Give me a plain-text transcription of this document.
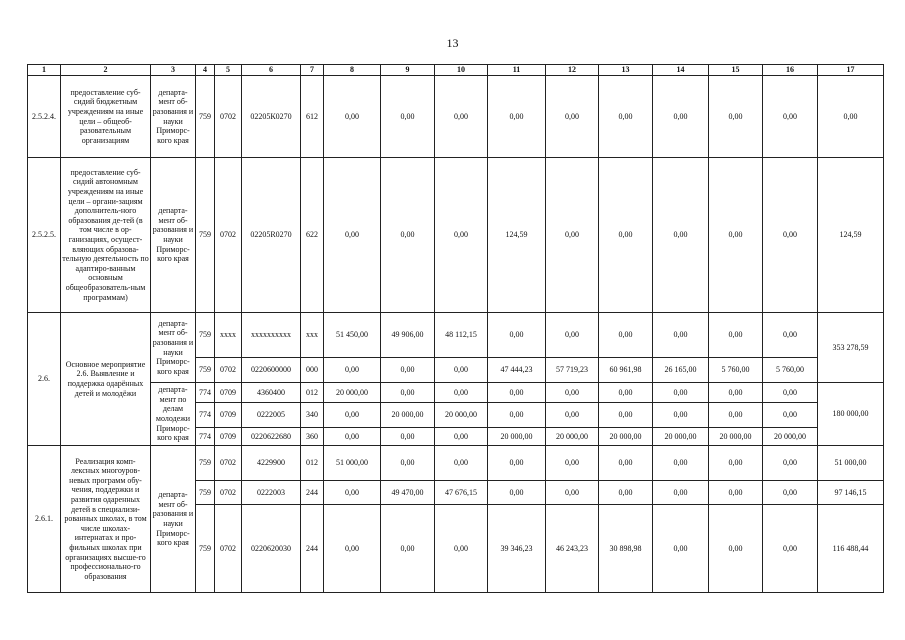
13
1	2	3	4	5	6	7	8	9	10	11	12	13	14	15	16	17
2.5.2.4.	предоставление суб-сидий бюджетным учреждениям на иные цели – общеоб-разовательным организациям	департа-мент об-разования и науки Приморс-кого края	759	0702	02205К0270	612	0,00	0,00	0,00	0,00	0,00	0,00	0,00	0,00	0,00	0,00
2.5.2.5.	предоставление суб-сидий автономным учреждениям на иные цели – органи-зациям дополнитель-ного образования де-тей (в том числе в ор-ганизациях, осущест-вляющих образова-тельную деятельность по адаптиро-ванным основным общеобразователь-ным программам)	департа-мент об-разования и науки Приморс-кого края	759	0702	02205R0270	622	0,00	0,00	0,00	124,59	0,00	0,00	0,00	0,00	0,00	124,59
2.6.	Основное мероприятие 2.6. Выявление и поддержка одарённых детей и молодёжи	департа-мент об-разования и науки Приморс-кого края	759	хххх	хххххххххх	ххх	51 450,00	49 906,00	48 112,15	0,00	0,00	0,00	0,00	0,00	0,00	353 278,59
			759	0702	0220600000	000	0,00	0,00	0,00	47 444,23	57 719,23	60 961,98	26 165,00	5 760,00	5 760,00	
		департа-мент по делам молодежи Приморс-кого края	774	0709	4360400	012	20 000,00	0,00	0,00	0,00	0,00	0,00	0,00	0,00	0,00	180 000,00
			774	0709	0222005	340	0,00	20 000,00	20 000,00	0,00	0,00	0,00	0,00	0,00	0,00	
			774	0709	0220622680	360	0,00	0,00	0,00	20 000,00	20 000,00	20 000,00	20 000,00	20 000,00	20 000,00	
2.6.1.	Реализация комп-лексных многоуров-невых программ обу-чения, поддержки и развития одаренных детей в специализи-рованных школах, в том числе школах-интернатах и про-фильных школах при организациях высше-го профессионально-го образования	департа-мент об-разования и науки Приморс-кого края	759	0702	4229900	012	51 000,00	0,00	0,00	0,00	0,00	0,00	0,00	0,00	0,00	51 000,00
			759	0702	0222003	244	0,00	49 470,00	47 676,15	0,00	0,00	0,00	0,00	0,00	0,00	97 146,15
			759	0702	0220620030	244	0,00	0,00	0,00	39 346,23	46 243,23	30 898,98	0,00	0,00	0,00	116 488,44
